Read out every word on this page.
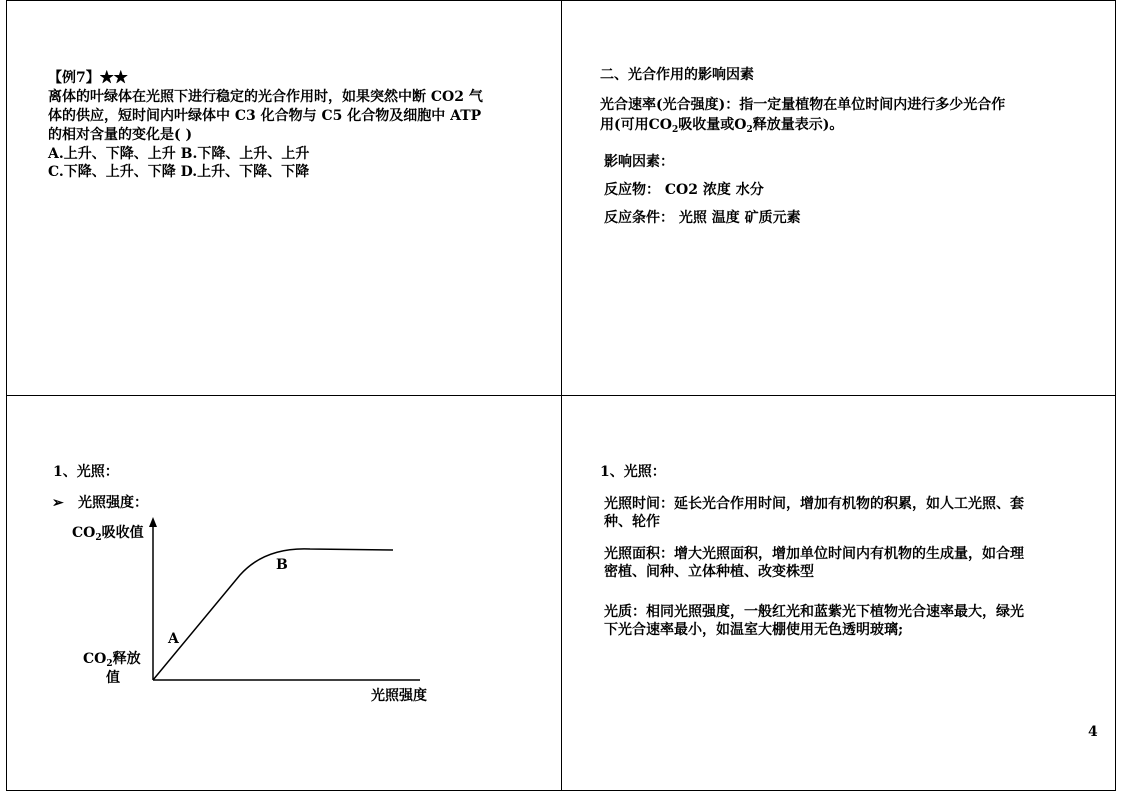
【例7】★★
离体的叶绿体在光照下进行稳定的光合作用时，如果突然中断 CO2 气
体的供应，短时间内叶绿体中 C3 化合物与 C5 化合物及细胞中 ATP
的相对含量的变化是( )
A.上升、下降、上升 B.下降、上升、上升
C.下降、上升、下降 D.上升、下降、下降
二、光合作用的影响因素
光合速率(光合强度)：指一定量植物在单位时间内进行多少光合作
用(可用$CO_2$吸收量或$O_2$释放量表示)。
影响因素：
反应物： CO2 浓度 水分
反应条件： 光照 温度 矿质元素
1、光照：
➢ 光照强度：
$CO_2$吸收值
$CO_2$释放
值
光照强度
A
B
1、光照：
光照时间：延长光合作用时间，增加有机物的积累，如人工光照、套
种、轮作
光照面积：增大光照面积，增加单位时间内有机物的生成量，如合理
密植、间种、立体种植、改变株型
光质：相同光照强度，一般红光和蓝紫光下植物光合速率最大，绿光
下光合速率最小，如温室大棚使用无色透明玻璃;
4
